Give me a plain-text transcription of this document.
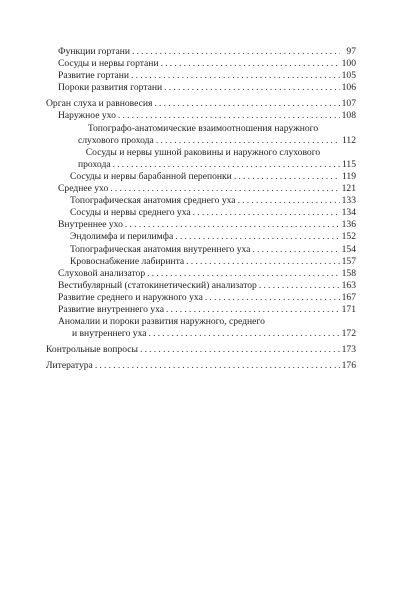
Функции гортани .....	97
Сосуды и нервы гортани .....	100
Развитие гортани .....	105
Пороки развития гортани .....	106
Орган слуха и равновесия .....	107
Наружное ухо .....	108
Топографо-анатомические взаимоотношения наружного
слухового прохода .....	112
Сосуды и нервы ушной раковины и наружного слухового
прохода .....	115
Сосуды и нервы барабанной перепонки .....	119
Среднее ухо .....	121
Топографическая анатомия среднего уха .....	133
Сосуды и нервы среднего уха .....	134
Внутреннее ухо .....	136
Эндолимфа и перилимфа .....	152
Топографическая анатомия внутреннего уха .....	154
Кровоснабжение лабиринта .....	157
Слуховой анализатор .....	158
Вестибулярный (статокинетический) анализатор .....	163
Развитие среднего и наружного уха .....	167
Развитие внутреннего уха .....	171
Аномалии и пороки развития наружного, среднего
и внутреннего уха .....	172
Контрольные вопросы .....	173
Литература .....	176
